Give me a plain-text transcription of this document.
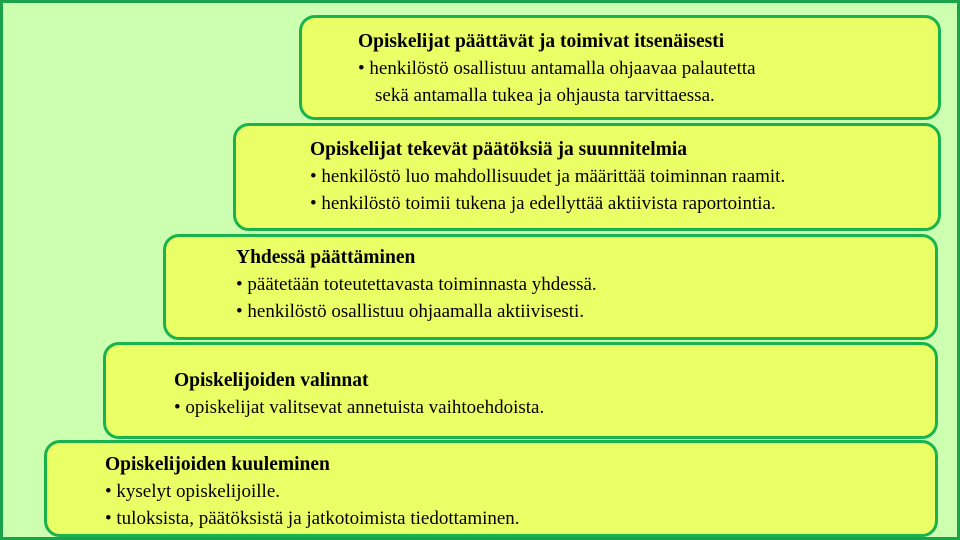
Opiskelijat päättävät ja toimivat itsenäisesti
• henkilöstö osallistuu antamalla ohjaavaa palautetta
sekä antamalla tukea ja ohjausta tarvittaessa.
Opiskelijat tekevät päätöksiä ja suunnitelmia
• henkilöstö luo mahdollisuudet ja määrittää toiminnan raamit.
• henkilöstö toimii tukena ja edellyttää aktiivista raportointia.
Yhdessä päättäminen
• päätetään toteutettavasta toiminnasta yhdessä.
• henkilöstö osallistuu ohjaamalla aktiivisesti.
Opiskelijoiden valinnat
• opiskelijat valitsevat annetuista vaihtoehdoista.
Opiskelijoiden kuuleminen
• kyselyt opiskelijoille.
• tuloksista, päätöksistä ja jatkotoimista tiedottaminen.
